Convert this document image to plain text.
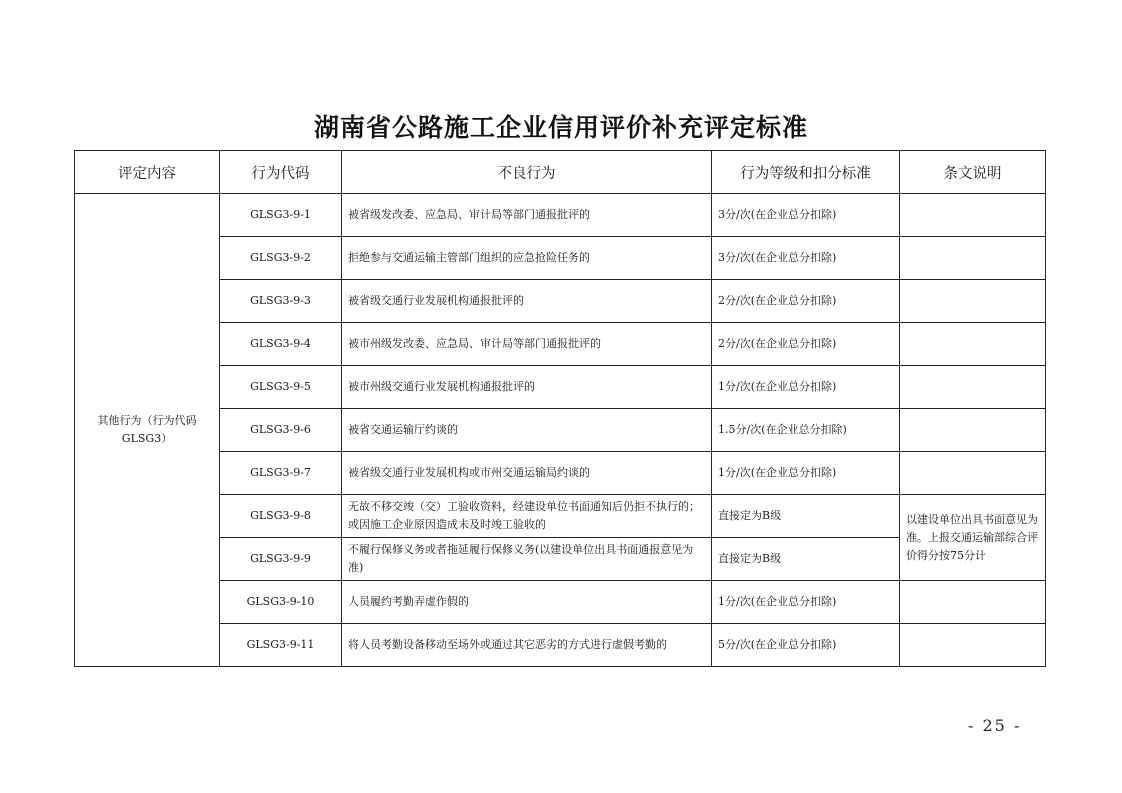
湖南省公路施工企业信用评价补充评定标准
评定内容	行为代码	不良行为	行为等级和扣分标准	条文说明
其他行为（行为代码GLSG3）	GLSG3-9-1	被省级发改委、应急局、审计局等部门通报批评的	3分/次(在企业总分扣除)	
	GLSG3-9-2	拒绝参与交通运输主管部门组织的应急抢险任务的	3分/次(在企业总分扣除)	
	GLSG3-9-3	被省级交通行业发展机构通报批评的	2分/次(在企业总分扣除)	
	GLSG3-9-4	被市州级发改委、应急局、审计局等部门通报批评的	2分/次(在企业总分扣除)	
	GLSG3-9-5	被市州级交通行业发展机构通报批评的	1分/次(在企业总分扣除)	
	GLSG3-9-6	被省交通运输厅约谈的	1.5分/次(在企业总分扣除)	
	GLSG3-9-7	被省级交通行业发展机构或市州交通运输局约谈的	1分/次(在企业总分扣除)	
	GLSG3-9-8	无故不移交竣（交）工验收资料，经建设单位书面通知后仍拒不执行的；或因施工企业原因造成未及时竣工验收的	直接定为B级	以建设单位出具书面意见为准。上报交通运输部综合评价得分按75分计
	GLSG3-9-9	不履行保修义务或者拖延履行保修义务(以建设单位出具书面通报意见为准)	直接定为B级	
	GLSG3-9-10	人员履约考勤弄虚作假的	1分/次(在企业总分扣除)	
	GLSG3-9-11	将人员考勤设备移动至场外或通过其它恶劣的方式进行虚假考勤的	5分/次(在企业总分扣除)	
- 25 -
